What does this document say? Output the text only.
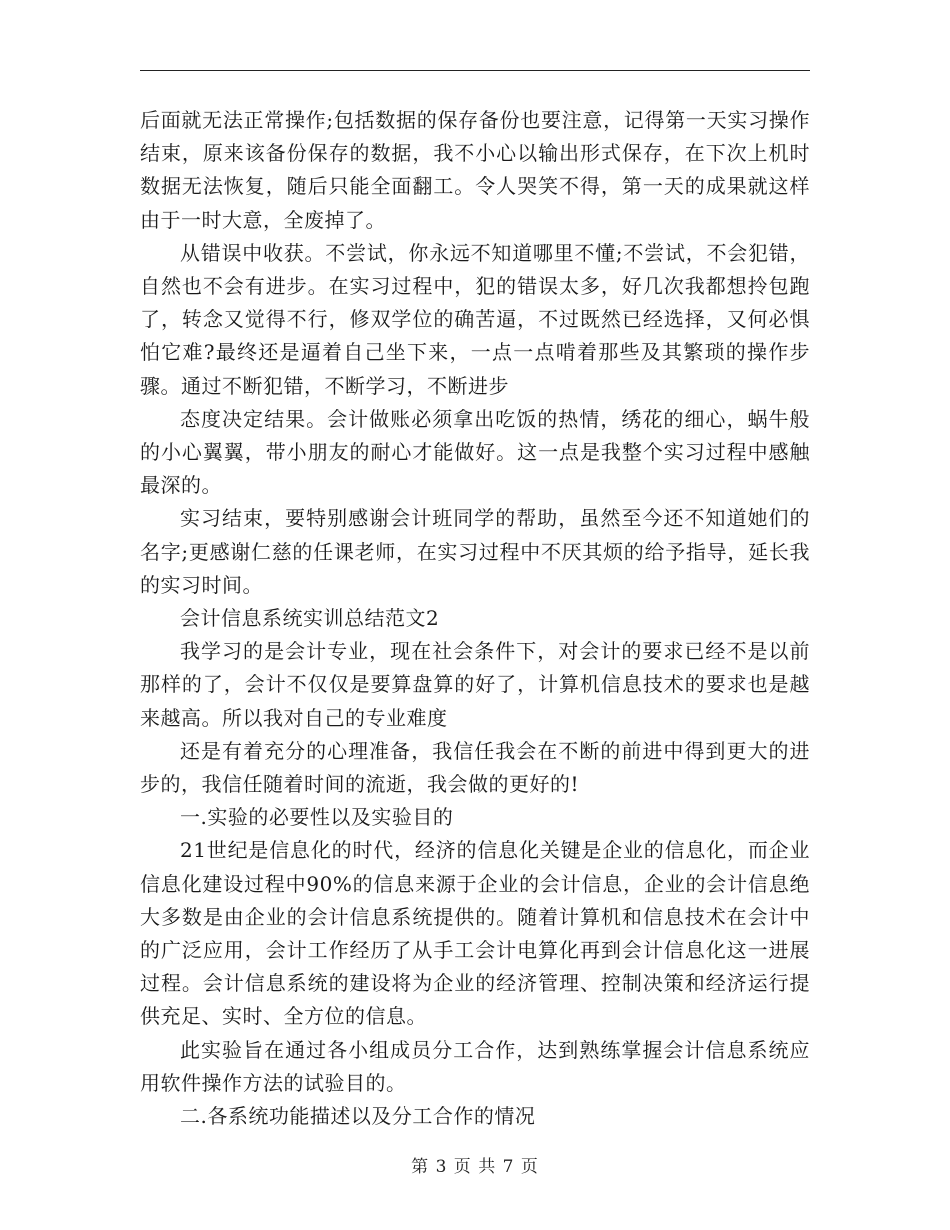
后面就无法正常操作;包括数据的保存备份也要注意，记得第一天实习操作结束，原来该备份保存的数据，我不小心以输出形式保存，在下次上机时数据无法恢复，随后只能全面翻工。令人哭笑不得，第一天的成果就这样由于一时大意，全废掉了。

从错误中收获。不尝试，你永远不知道哪里不懂;不尝试，不会犯错，自然也不会有进步。在实习过程中，犯的错误太多，好几次我都想拎包跑了，转念又觉得不行，修双学位的确苦逼，不过既然已经选择，又何必惧怕它难?最终还是逼着自己坐下来，一点一点啃着那些及其繁琐的操作步骤。通过不断犯错，不断学习，不断进步

态度决定结果。会计做账必须拿出吃饭的热情，绣花的细心，蜗牛般的小心翼翼，带小朋友的耐心才能做好。这一点是我整个实习过程中感触最深的。

实习结束，要特别感谢会计班同学的帮助，虽然至今还不知道她们的名字;更感谢仁慈的任课老师，在实习过程中不厌其烦的给予指导，延长我的实习时间。

会计信息系统实训总结范文2

我学习的是会计专业，现在社会条件下，对会计的要求已经不是以前那样的了，会计不仅仅是要算盘算的好了，计算机信息技术的要求也是越来越高。所以我对自己的专业难度

还是有着充分的心理准备，我信任我会在不断的前进中得到更大的进步的，我信任随着时间的流逝，我会做的更好的!

一.实验的必要性以及实验目的

21世纪是信息化的时代，经济的信息化关键是企业的信息化，而企业信息化建设过程中90%的信息来源于企业的会计信息，企业的会计信息绝大多数是由企业的会计信息系统提供的。随着计算机和信息技术在会计中的广泛应用，会计工作经历了从手工会计电算化再到会计信息化这一进展过程。会计信息系统的建设将为企业的经济管理、控制决策和经济运行提供充足、实时、全方位的信息。

此实验旨在通过各小组成员分工合作，达到熟练掌握会计信息系统应用软件操作方法的试验目的。

二.各系统功能描述以及分工合作的情况

第 3 页 共 7 页
